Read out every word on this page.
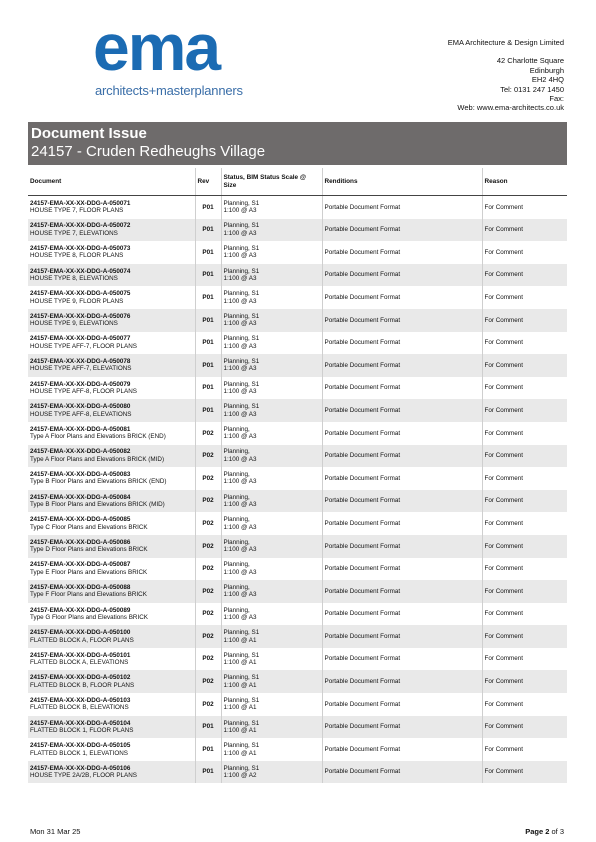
ema
architects+masterplanners
EMA Architecture & Design Limited
42 Charlotte Square
Edinburgh
EH2 4HQ
Tel: 0131 247 1450
Fax:
Web: www.ema-architects.co.uk
Document Issue
24157 - Cruden Redheughs Village
Document	Rev	Status, BIM Status Scale @ Size	Renditions	Reason

24157-EMA-XX-XX-DDG-A-050071
HOUSE TYPE 7, FLOOR PLANS	P01	Planning, S1
1:100 @ A3	Portable Document Format	For Comment

24157-EMA-XX-XX-DDG-A-050072
HOUSE TYPE 7, ELEVATIONS	P01	Planning, S1
1:100 @ A3	Portable Document Format	For Comment

24157-EMA-XX-XX-DDG-A-050073
HOUSE TYPE 8, FLOOR PLANS	P01	Planning, S1
1:100 @ A3	Portable Document Format	For Comment

24157-EMA-XX-XX-DDG-A-050074
HOUSE TYPE 8, ELEVATIONS	P01	Planning, S1
1:100 @ A3	Portable Document Format	For Comment

24157-EMA-XX-XX-DDG-A-050075
HOUSE TYPE 9, FLOOR PLANS	P01	Planning, S1
1:100 @ A3	Portable Document Format	For Comment

24157-EMA-XX-XX-DDG-A-050076
HOUSE TYPE 9, ELEVATIONS	P01	Planning, S1
1:100 @ A3	Portable Document Format	For Comment

24157-EMA-XX-XX-DDG-A-050077
HOUSE TYPE AFF-7, FLOOR PLANS	P01	Planning, S1
1:100 @ A3	Portable Document Format	For Comment

24157-EMA-XX-XX-DDG-A-050078
HOUSE TYPE AFF-7, ELEVATIONS	P01	Planning, S1
1:100 @ A3	Portable Document Format	For Comment

24157-EMA-XX-XX-DDG-A-050079
HOUSE TYPE AFF-8, FLOOR PLANS	P01	Planning, S1
1:100 @ A3	Portable Document Format	For Comment

24157-EMA-XX-XX-DDG-A-050080
HOUSE TYPE AFF-8, ELEVATIONS	P01	Planning, S1
1:100 @ A3	Portable Document Format	For Comment

24157-EMA-XX-XX-DDG-A-050081
Type A Floor Plans and Elevations BRICK (END)	P02	Planning,
1:100 @ A3	Portable Document Format	For Comment

24157-EMA-XX-XX-DDG-A-050082
Type A Floor Plans and Elevations BRICK (MID)	P02	Planning,
1:100 @ A3	Portable Document Format	For Comment

24157-EMA-XX-XX-DDG-A-050083
Type B Floor Plans and Elevations BRICK (END)	P02	Planning,
1:100 @ A3	Portable Document Format	For Comment

24157-EMA-XX-XX-DDG-A-050084
Type B Floor Plans and Elevations BRICK (MID)	P02	Planning,
1:100 @ A3	Portable Document Format	For Comment

24157-EMA-XX-XX-DDG-A-050085
Type C Floor Plans and Elevations BRICK	P02	Planning,
1:100 @ A3	Portable Document Format	For Comment

24157-EMA-XX-XX-DDG-A-050086
Type D Floor Plans and Elevations BRICK	P02	Planning,
1:100 @ A3	Portable Document Format	For Comment

24157-EMA-XX-XX-DDG-A-050087
Type E Floor Plans and Elevations BRICK	P02	Planning,
1:100 @ A3	Portable Document Format	For Comment

24157-EMA-XX-XX-DDG-A-050088
Type F Floor Plans and Elevations BRICK	P02	Planning,
1:100 @ A3	Portable Document Format	For Comment

24157-EMA-XX-XX-DDG-A-050089
Type G Floor Plans and Elevations BRICK	P02	Planning,
1:100 @ A3	Portable Document Format	For Comment

24157-EMA-XX-XX-DDG-A-050100
FLATTED BLOCK A, FLOOR PLANS	P02	Planning, S1
1:100 @ A1	Portable Document Format	For Comment

24157-EMA-XX-XX-DDG-A-050101
FLATTED BLOCK A, ELEVATIONS	P02	Planning, S1
1:100 @ A1	Portable Document Format	For Comment

24157-EMA-XX-XX-DDG-A-050102
FLATTED BLOCK B, FLOOR PLANS	P02	Planning, S1
1:100 @ A1	Portable Document Format	For Comment

24157-EMA-XX-XX-DDG-A-050103
FLATTED BLOCK B, ELEVATIONS	P02	Planning, S1
1:100 @ A1	Portable Document Format	For Comment

24157-EMA-XX-XX-DDG-A-050104
FLATTED BLOCK 1, FLOOR PLANS	P01	Planning, S1
1:100 @ A1	Portable Document Format	For Comment

24157-EMA-XX-XX-DDG-A-050105
FLATTED BLOCK 1, ELEVATIONS	P01	Planning, S1
1:100 @ A1	Portable Document Format	For Comment

24157-EMA-XX-XX-DDG-A-050106
HOUSE TYPE 2A/2B, FLOOR PLANS	P01	Planning, S1
1:100 @ A2	Portable Document Format	For Comment
Mon 31 Mar 25	Page 2 of 3
